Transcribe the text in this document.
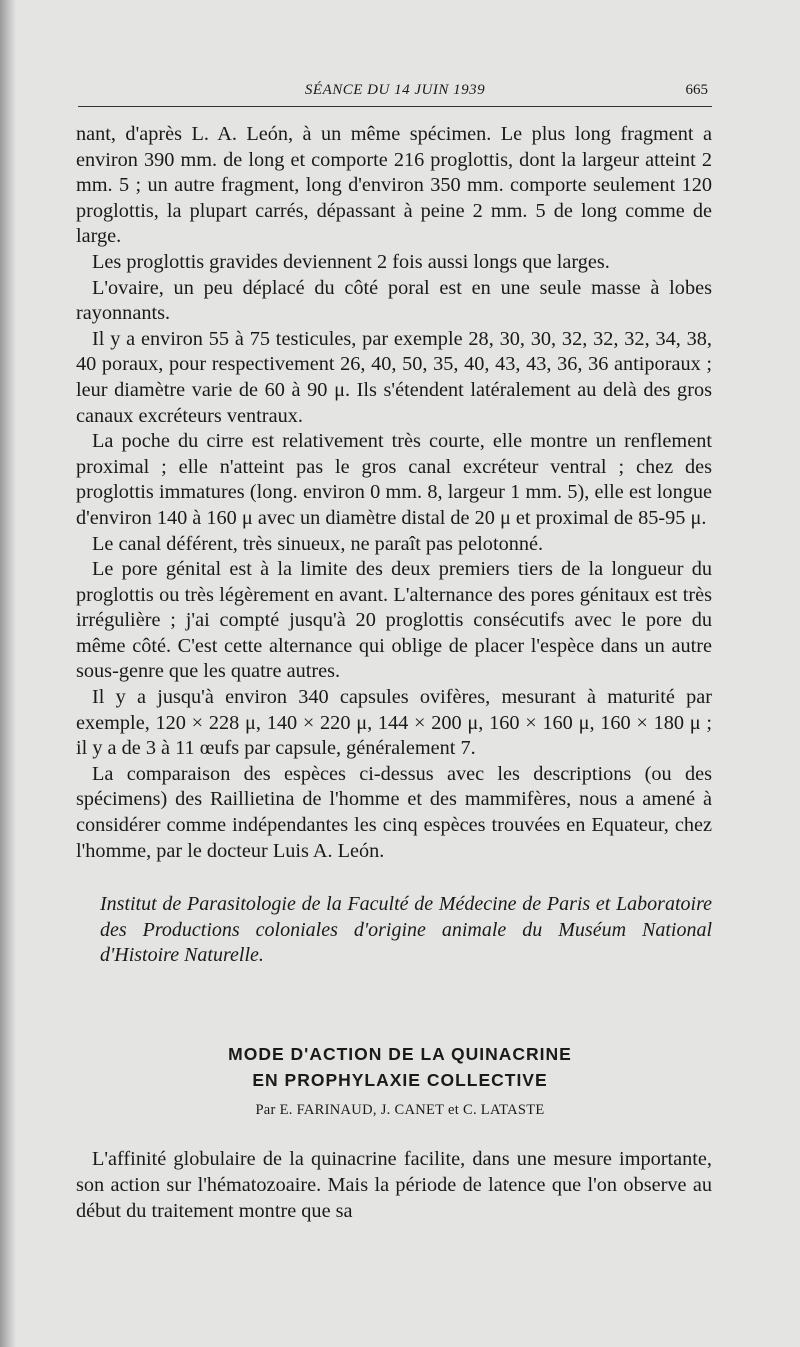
SÉANCE DU 14 JUIN 1939	665

nant, d'après L. A. León, à un même spécimen. Le plus long fragment a environ 390 mm. de long et comporte 216 proglottis, dont la largeur atteint 2 mm. 5 ; un autre fragment, long d'environ 350 mm. comporte seulement 120 proglottis, la plupart carrés, dépassant à peine 2 mm. 5 de long comme de large.

Les proglottis gravides deviennent 2 fois aussi longs que larges.

L'ovaire, un peu déplacé du côté poral est en une seule masse à lobes rayonnants.

Il y a environ 55 à 75 testicules, par exemple 28, 30, 30, 32, 32, 32, 34, 38, 40 poraux, pour respectivement 26, 40, 50, 35, 40, 43, 43, 36, 36 antiporaux ; leur diamètre varie de 60 à 90 μ. Ils s'étendent latéralement au delà des gros canaux excréteurs ventraux.

La poche du cirre est relativement très courte, elle montre un renflement proximal ; elle n'atteint pas le gros canal excréteur ventral ; chez des proglottis immatures (long. environ 0 mm. 8, largeur 1 mm. 5), elle est longue d'environ 140 à 160 μ avec un diamètre distal de 20 μ et proximal de 85-95 μ.

Le canal déférent, très sinueux, ne paraît pas pelotonné.

Le pore génital est à la limite des deux premiers tiers de la longueur du proglottis ou très légèrement en avant. L'alternance des pores génitaux est très irrégulière ; j'ai compté jusqu'à 20 proglottis consécutifs avec le pore du même côté. C'est cette alternance qui oblige de placer l'espèce dans un autre sous-genre que les quatre autres.

Il y a jusqu'à environ 340 capsules ovifères, mesurant à maturité par exemple, 120 × 228 μ, 140 × 220 μ, 144 × 200 μ, 160 × 160 μ, 160 × 180 μ ; il y a de 3 à 11 œufs par capsule, généralement 7.

La comparaison des espèces ci-dessus avec les descriptions (ou des spécimens) des Raillietina de l'homme et des mammifères, nous a amené à considérer comme indépendantes les cinq espèces trouvées en Equateur, chez l'homme, par le docteur Luis A. León.

Institut de Parasitologie de la Faculté de Médecine de Paris et Laboratoire des Productions coloniales d'origine animale du Muséum National d'Histoire Naturelle.
MODE D'ACTION DE LA QUINACRINE
EN PROPHYLAXIE COLLECTIVE
Par E. FARINAUD, J. CANET et C. LATASTE

L'affinité globulaire de la quinacrine facilite, dans une mesure importante, son action sur l'hématozoaire. Mais la période de latence que l'on observe au début du traitement montre que sa
